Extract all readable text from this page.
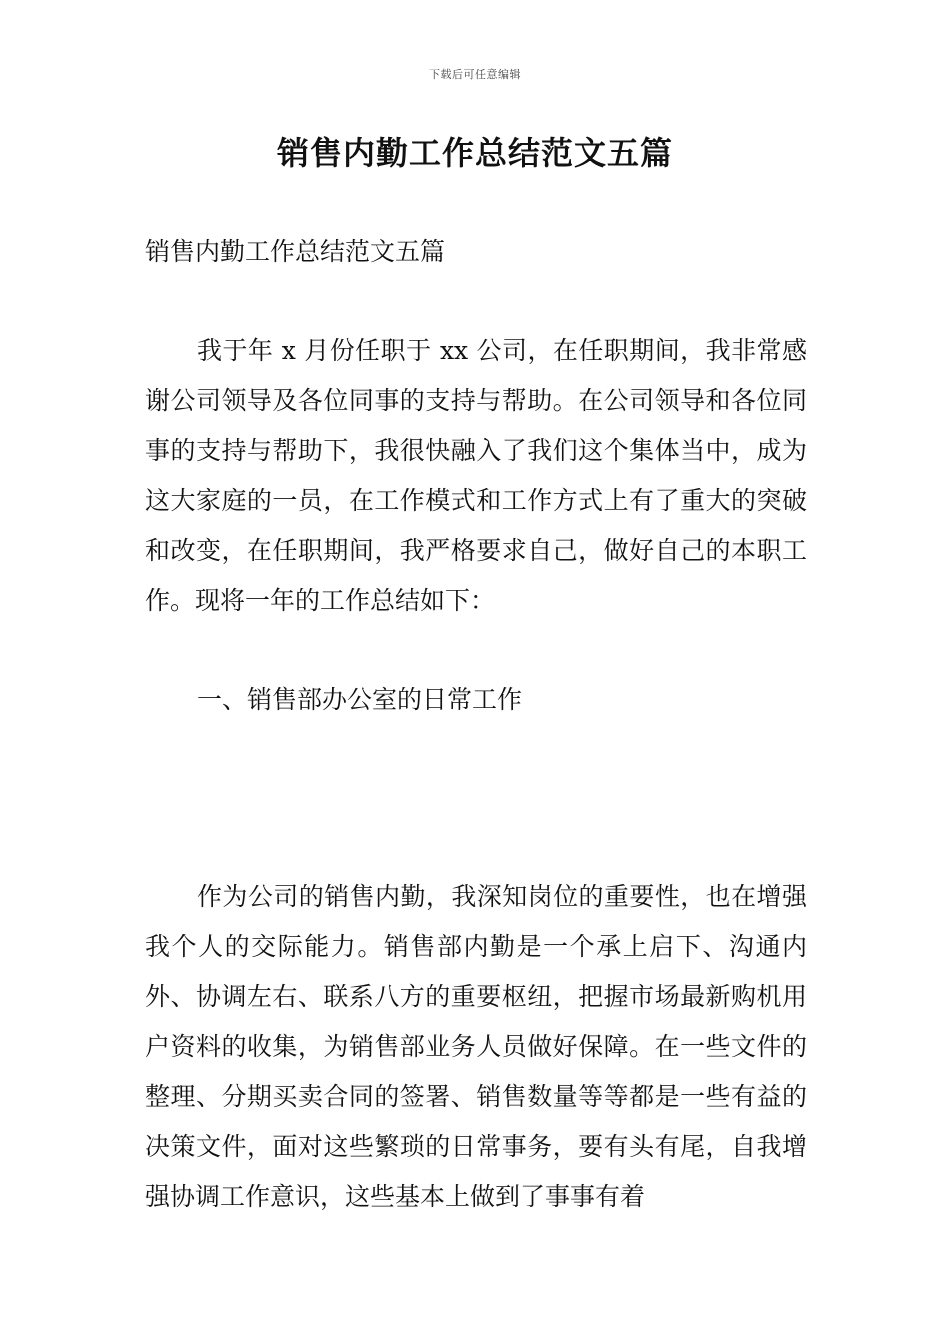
下载后可任意编辑
销售内勤工作总结范文五篇
销售内勤工作总结范文五篇

我于年 x 月份任职于 xx 公司，在任职期间，我非常感谢公司领导及各位同事的支持与帮助。在公司领导和各位同事的支持与帮助下，我很快融入了我们这个集体当中，成为这大家庭的一员，在工作模式和工作方式上有了重大的突破和改变，在任职期间，我严格要求自己，做好自己的本职工作。现将一年的工作总结如下：

一、销售部办公室的日常工作

作为公司的销售内勤，我深知岗位的重要性，也在增强我个人的交际能力。销售部内勤是一个承上启下、沟通内外、协调左右、联系八方的重要枢纽，把握市场最新购机用户资料的收集，为销售部业务人员做好保障。在一些文件的整理、分期买卖合同的签署、销售数量等等都是一些有益的决策文件，面对这些繁琐的日常事务，要有头有尾，自我增强协调工作意识，这些基本上做到了事事有着
